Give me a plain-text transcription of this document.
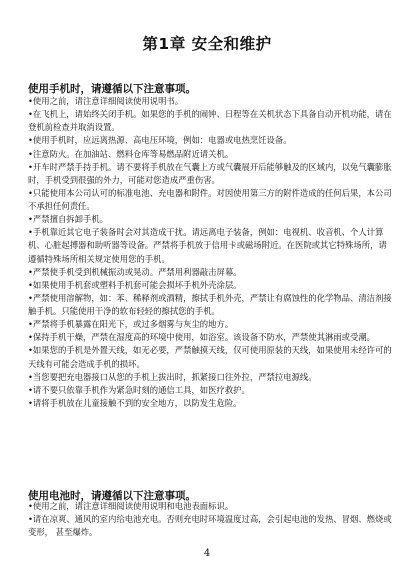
第1章 安全和维护
使用手机时，请遵循以下注意事项。

•使用之前，请注意详细阅读使用说明书。

•在飞机上，请始终关闭手机。如果您的手机的闹钟、日程等在关机状态下具备自动开机功能，请在登机前检查并取消设置。

•使用手机时，应远离热源、高电压环境，例如：电器或电热烹饪设备。

•注意防火。在加油站、燃料仓库等易燃品附近请关机。

•开车时严禁手持手机。请不要将手机放在气囊上方或气囊展开后能够触及的区域内，以免气囊膨胀时，手机受到很强的外力，可能对您造成严重伤害。

•只能使用本公司认可的标准电池、充电器和附件。对因使用第三方的附件造成的任何后果，本公司不承担任何责任。

•严禁擅自拆卸手机。

•手机靠近其它电子装备时会对其造成干扰。请远离电子装备，例如：电视机、收音机、个人计算机、心脏起搏器和助听器等设备。严禁将手机放于信用卡或磁场附近。在医院或其它特殊场所，请遵循特殊场所相关规定使用您的手机。

•严禁使手机受到机械振动或晃动。严禁用利器敲击屏幕。

•如果使用手机套或塑料手机套可能会损坏手机外壳涂层。

•严禁使用溶解物，如：苯、稀释剂或酒精，擦拭手机外壳，严禁让有腐蚀性的化学物品、清洁剂接触手机。只能使用干净的软布轻轻的擦拭您的手机。

•严禁将手机暴露在阳光下，或过多烟雾与灰尘的地方。

•保持手机干燥，严禁在湿度高的环境中使用，如浴室。该设备不防水，严禁使其淋雨或受潮。

•如果您的手机是外置天线，如无必要，严禁触摸天线，仅可使用原装的天线，如果使用未经许可的天线有可能会造成手机的损坏。

•当您要把充电器接口从您的手机上拔出时，抓紧接口往外拉，严禁拉电源线。

•请不要只依靠手机作为紧急时刻的通信工具，如医疗救护。

•请将手机放在儿童接触不到的安全地方，以防发生危险。

使用电池时，请遵循以下注意事项。

•使用之前，请注意详细阅读使用说明和电池表面标识。

•请在凉爽、通风的室内给电池充电。否则充电时环境温度过高，会引起电池的发热、冒烟、燃烧或变形， 甚至爆炸。

4
